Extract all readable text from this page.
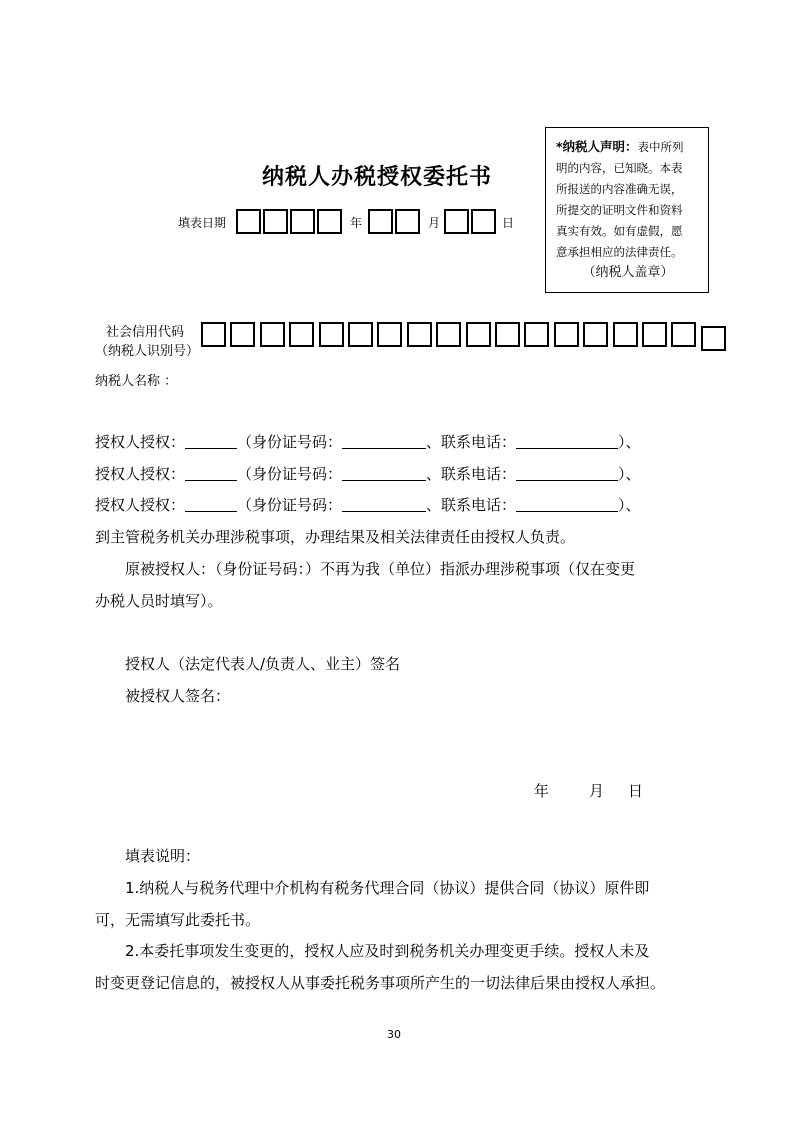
纳税人办税授权委托书
填表日期	年	月	日
*纳税人声明：表中所列
明的内容，已知晓。本表
所报送的内容准确无误，
所提交的证明文件和资料
真实有效。如有虚假，愿
意承担相应的法律责任。
（纳税人盖章）
社会信用代码
（纳税人识别号）
纳税人名称 ：
授权人授权：	（身份证号码：	、联系电话：	）、
授权人授权：	（身份证号码：	、联系电话：	）、
授权人授权：	（身份证号码：	、联系电话：	）、
到主管税务机关办理涉税事项，办理结果及相关法律责任由授权人负责。
原被授权人：（身份证号码：）不再为我（单位）指派办理涉税事项（仅在变更
办税人员时填写）。
授权人（法定代表人/负责人、业主）签名
被授权人签名：
年	月 日
填表说明：
1.纳税人与税务代理中介机构有税务代理合同（协议）提供合同（协议）原件即
可，无需填写此委托书。
2.本委托事项发生变更的，授权人应及时到税务机关办理变更手续。授权人未及
时变更登记信息的，被授权人从事委托税务事项所产生的一切法律后果由授权人承担。
30
